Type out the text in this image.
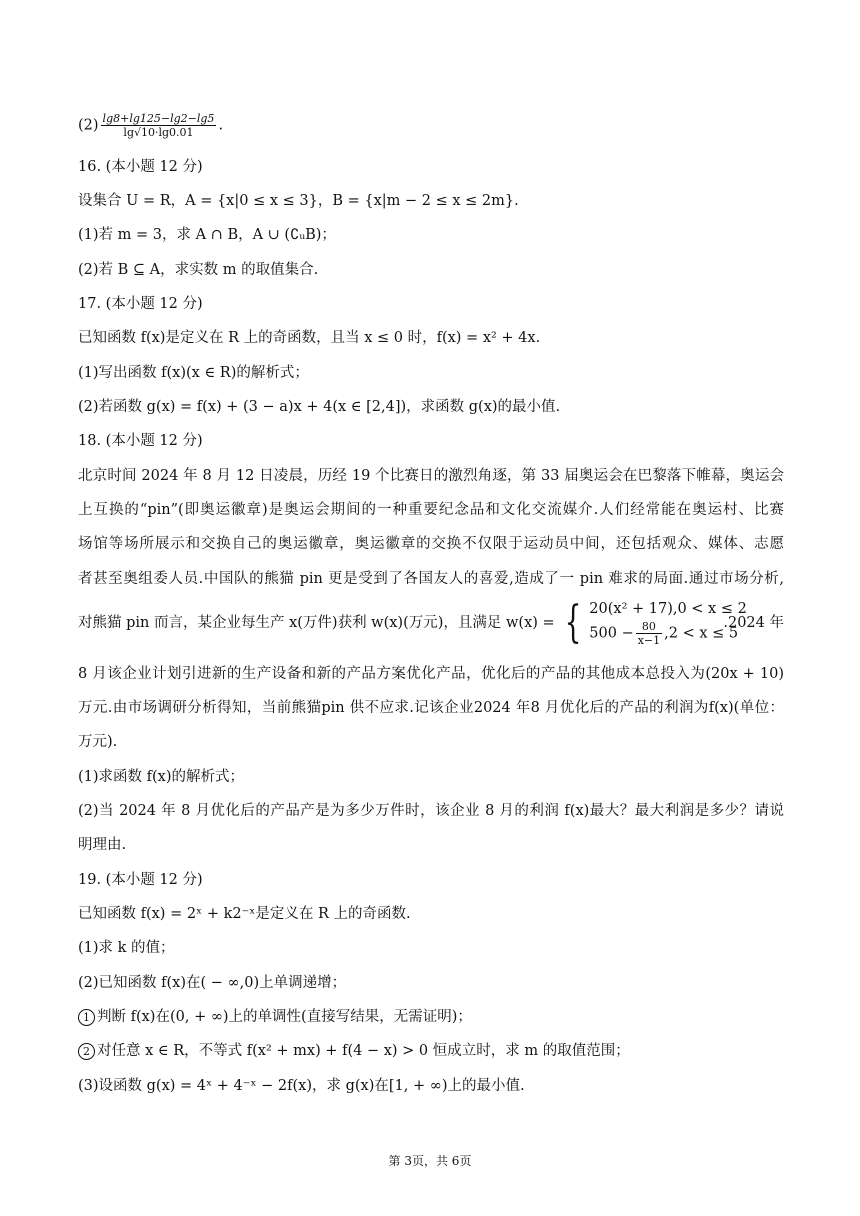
$(2) \frac{\lg 8+\lg 125-\lg 2-\lg 5}{\lg√10\cdot\lg 0.01}$ .
16. (本小题 12 分)
设集合 U = R，A = {x|0 ≤ x ≤ 3}，B = {x|m − 2 ≤ x ≤ 2m}.
(1)若 m = 3，求 A ∩ B，A ∪ (∁ᵤB)；
(2)若 B ⊆ A，求实数 m 的取值集合.
17. (本小题 12 分)
已知函数 f(x)是定义在 R 上的奇函数，且当 x ≤ 0 时，f(x) = x² + 4x.
(1)写出函数 f(x)(x ∈ R)的解析式；
(2)若函数 g(x) = f(x) + (3 − a)x + 4(x ∈ [2,4])，求函数 g(x)的最小值.
18. (本小题 12 分)
北京时间 2024 年 8 月 12 日凌晨，历经 19 个比赛日的激烈角逐，第 33 届奥运会在巴黎落下帷幕，奥运会
上互换的“pin”(即奥运徽章)是奥运会期间的一种重要纪念品和文化交流媒介.人们经常能在奥运村、比赛
场馆等场所展示和交换自己的奥运徽章，奥运徽章的交换不仅限于运动员中间，还包括观众、媒体、志愿
者甚至奥组委人员.中国队的熊猫 pin 更是受到了各国友人的喜爱,造成了一 pin 难求的局面.通过市场分析,
对熊猫 pin 而言，某企业每生产 x(万件)获利 w(x)(万元)，且满足 w(x) = { 20(x² + 17),0 < x ≤ 2
$500 - \frac{80}{x-1} ,2 < x \le 5$
.2024 年
8 月该企业计划引进新的生产设备和新的产品方案优化产品，优化后的产品的其他成本总投入为(20x + 10)
万元.由市场调研分析得知，当前熊猫pin 供不应求.记该企业2024 年8 月优化后的产品的利润为f(x)(单位：
万元).
(1)求函数 f(x)的解析式；
(2)当 2024 年 8 月优化后的产品产是为多少万件时，该企业 8 月的利润 f(x)最大？最大利润是多少？请说
明理由.
19. (本小题 12 分)
已知函数 f(x) = 2ˣ + k2⁻ˣ是定义在 R 上的奇函数.
(1)求 k 的值；
(2)已知函数 f(x)在( − ∞,0)上单调递增；
1 判断 f(x)在(0, + ∞)上的单调性(直接写结果，无需证明)；
2 对任意 x ∈ R，不等式 f(x² + mx) + f(4 − x) > 0 恒成立时，求 m 的取值范围；
(3)设函数 g(x) = 4ˣ + 4⁻ˣ − 2f(x)，求 g(x)在[1, + ∞)上的最小值.
第 3页，共 6页
